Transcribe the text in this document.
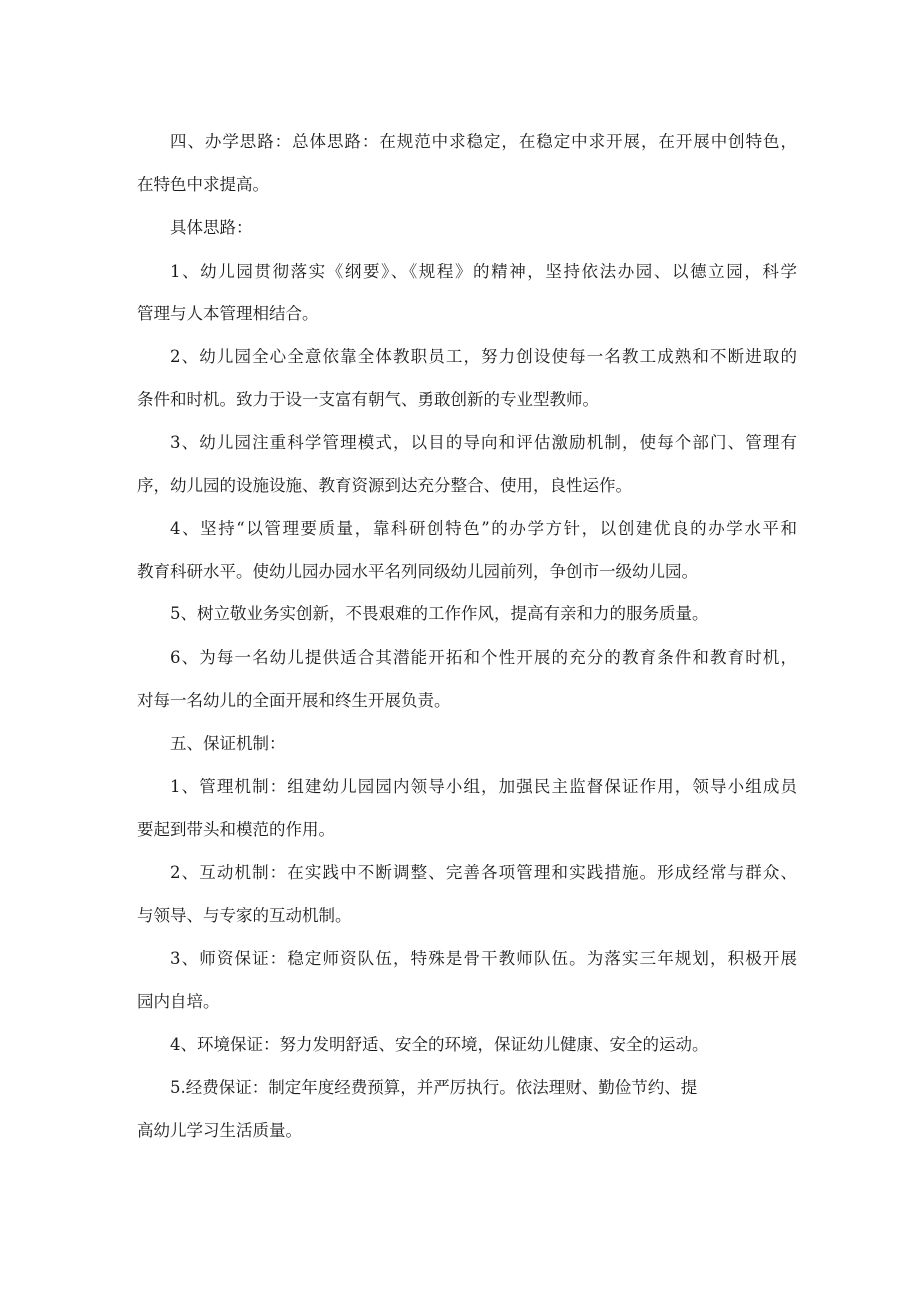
四、办学思路：总体思路：在规范中求稳定，在稳定中求开展，在开展中创特色，
在特色中求提高。
具体思路：
1、幼儿园贯彻落实《纲要》、《规程》的精神，坚持依法办园、以德立园，科学
管理与人本管理相结合。
2、幼儿园全心全意依靠全体教职员工，努力创设使每一名教工成熟和不断进取的
条件和时机。致力于设一支富有朝气、勇敢创新的专业型教师。
3、幼儿园注重科学管理模式，以目的导向和评估激励机制，使每个部门、管理有
序，幼儿园的设施设施、教育资源到达充分整合、使用，良性运作。
4、坚持“以管理要质量，靠科研创特色”的办学方针，以创建优良的办学水平和
教育科研水平。使幼儿园办园水平名列同级幼儿园前列，争创市一级幼儿园。
5、树立敬业务实创新，不畏艰难的工作作风，提高有亲和力的服务质量。
6、为每一名幼儿提供适合其潜能开拓和个性开展的充分的教育条件和教育时机，
对每一名幼儿的全面开展和终生开展负责。
五、保证机制：
1、管理机制：组建幼儿园园内领导小组，加强民主监督保证作用，领导小组成员
要起到带头和模范的作用。
2、互动机制：在实践中不断调整、完善各项管理和实践措施。形成经常与群众、
与领导、与专家的互动机制。
3、师资保证：稳定师资队伍，特殊是骨干教师队伍。为落实三年规划，积极开展
园内自培。
4、环境保证：努力发明舒适、安全的环境，保证幼儿健康、安全的运动。
5.经费保证：制定年度经费预算，并严厉执行。依法理财、勤俭节约、提
高幼儿学习生活质量。
